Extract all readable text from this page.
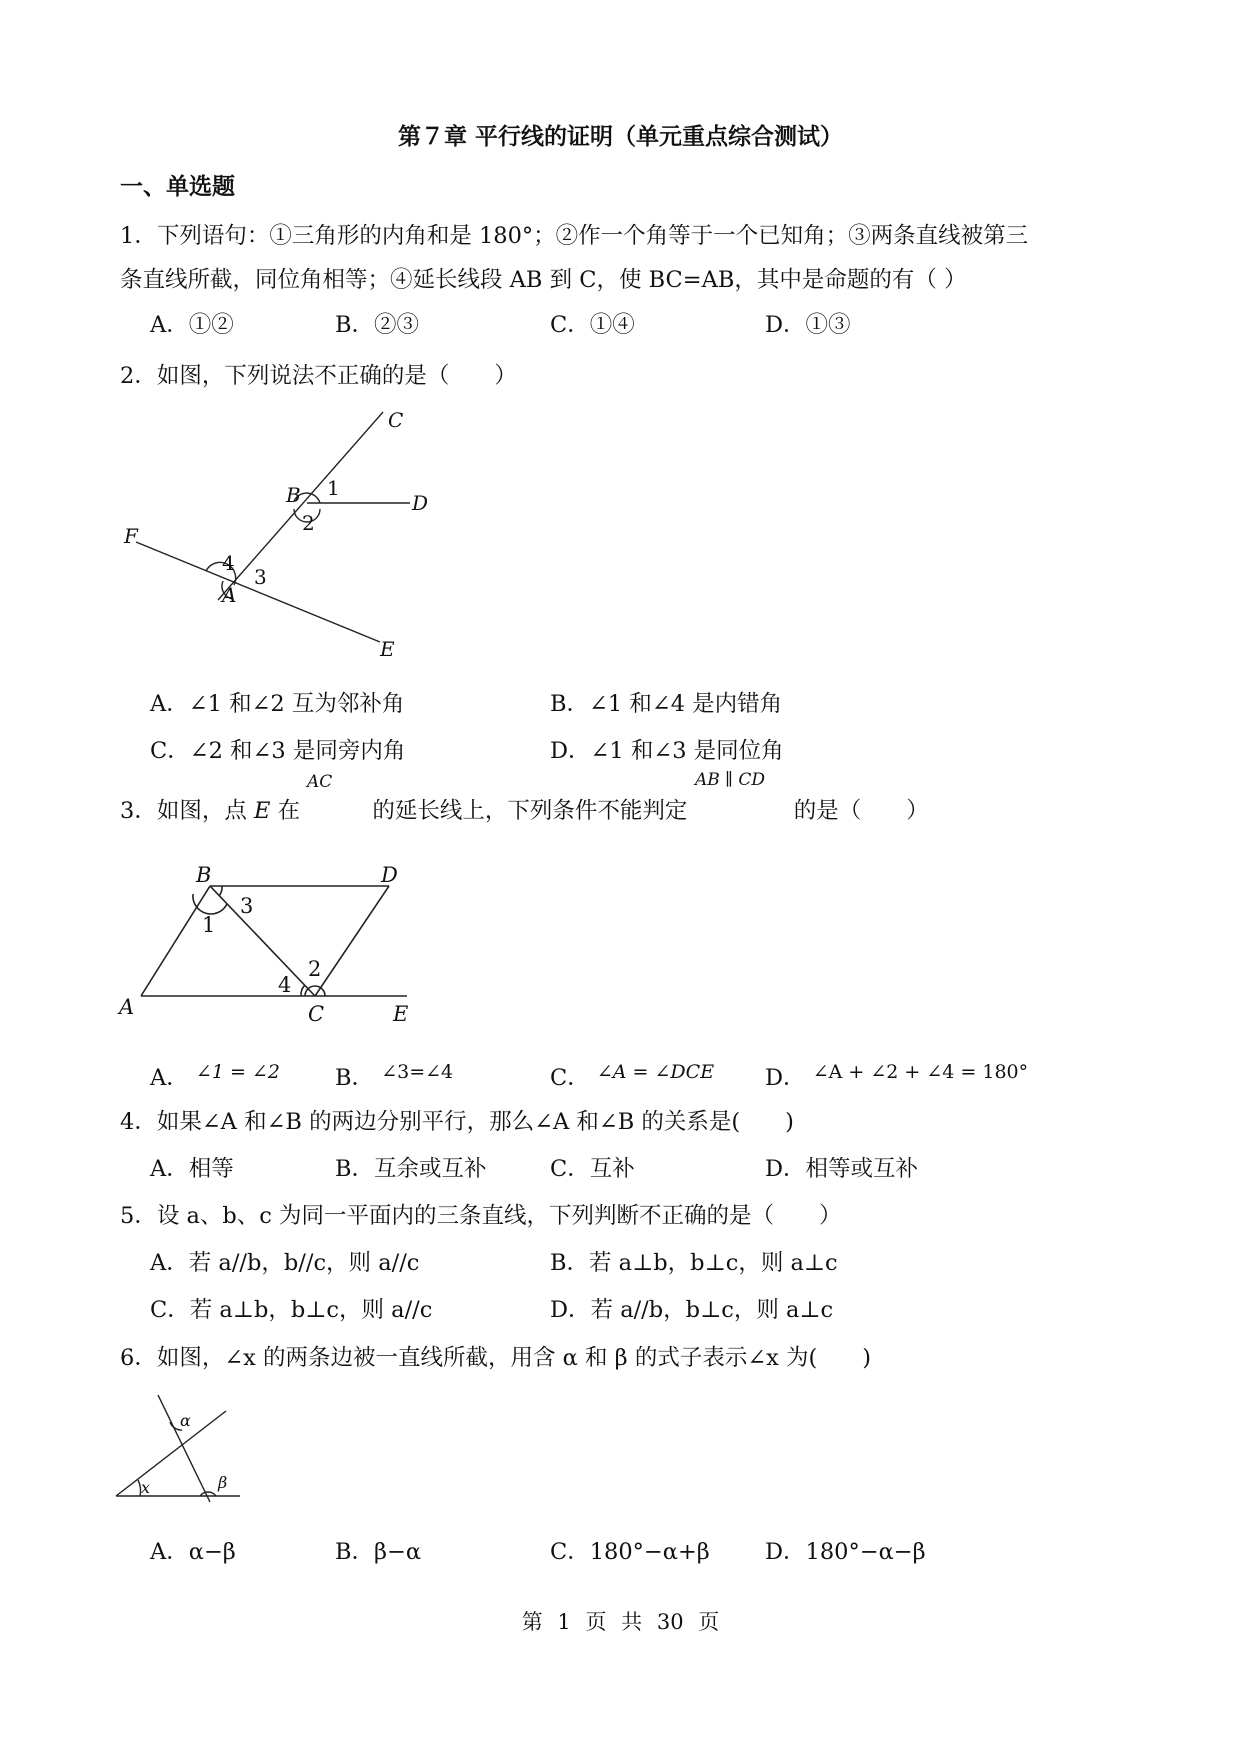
第７章 平行线的证明（单元重点综合测试）
一、单选题
1．下列语句：①三角形的内角和是 180°；②作一个角等于一个已知角；③两条直线被第三
条直线所截，同位角相等；④延长线段 AB 到 C，使 BC=AB，其中是命题的有（ ）
A．①②	B．②③	C．①④	D．①③
2．如图，下列说法不正确的是（　　）
C
B 1
2
D
F
4
3
A
E
A．∠1 和∠2 互为邻补角	B．∠1 和∠4 是内错角
C．∠2 和∠3 是同旁内角	D．∠1 和∠3 是同位角
3．如图，点 E 在	的延长线上，下列条件不能判定	的是（　　）
AC	AB ∥ CD
B	D
3
1
2
4
A	C	E
A． $^{\angle 1 = \angle 2}$ B． $^{\angle 3=\angle 4}$	C． $^{\angle A = \angle DCE}$ D． $^{\angle A + \angle 2 + \angle 4 = 180^\circ}$
4．如果∠A 和∠B 的两边分别平行，那么∠A 和∠B 的关系是(　　)
A．相等	B．互余或互补	C．互补	D．相等或互补
5．设 a、b、c 为同一平面内的三条直线，下列判断不正确的是（　　）
A．若 a//b，b//c，则 a//c	B．若 a⊥b，b⊥c，则 a⊥c
C．若 a⊥b，b⊥c，则 a//c	D．若 a//b，b⊥c，则 a⊥c
6．如图，∠x 的两条边被一直线所截，用含 α 和 β 的式子表示∠x 为(　　)
α
β
x
A．α−β	B．β−α	C．180°−α+β D．180°−α−β
第 1 页 共 30 页
